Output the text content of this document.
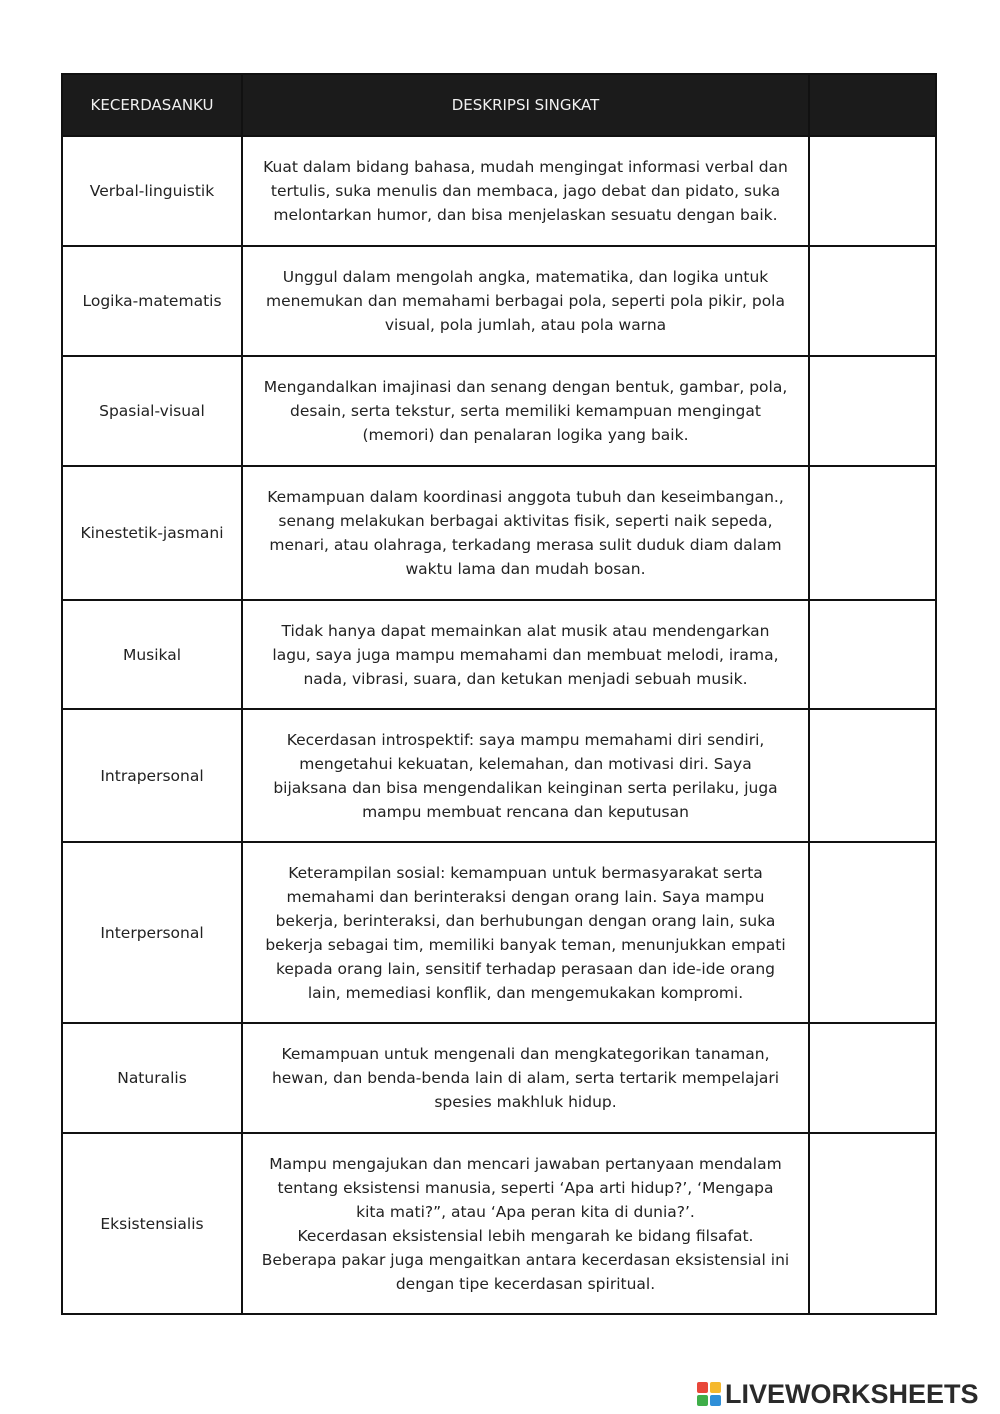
KECERDASANKU	DESKRIPSI SINGKAT	
Verbal-linguistik	Kuat dalam bidang bahasa, mudah mengingat informasi verbal dan tertulis, suka menulis dan membaca, jago debat dan pidato, suka melontarkan humor, dan bisa menjelaskan sesuatu dengan baik.	

Logika-matematis	Unggul dalam mengolah angka, matematika, dan logika untuk menemukan dan memahami berbagai pola, seperti pola pikir, pola visual, pola jumlah, atau pola warna	

Spasial-visual	Mengandalkan imajinasi dan senang dengan bentuk, gambar, pola, desain, serta tekstur, serta memiliki kemampuan mengingat (memori) dan penalaran logika yang baik.	

Kinestetik-jasmani	Kemampuan dalam koordinasi anggota tubuh dan keseimbangan., senang melakukan berbagai aktivitas fisik, seperti naik sepeda, menari, atau olahraga, terkadang merasa sulit duduk diam dalam waktu lama dan mudah bosan.	

Musikal	Tidak hanya dapat memainkan alat musik atau mendengarkan lagu, saya juga mampu memahami dan membuat melodi, irama, nada, vibrasi, suara, dan ketukan menjadi sebuah musik.	

Intrapersonal	Kecerdasan introspektif: saya mampu memahami diri sendiri, mengetahui kekuatan, kelemahan, dan motivasi diri. Saya bijaksana dan bisa mengendalikan keinginan serta perilaku, juga mampu membuat rencana dan keputusan	

Interpersonal	Keterampilan sosial: kemampuan untuk bermasyarakat serta memahami dan berinteraksi dengan orang lain. Saya mampu bekerja, berinteraksi, dan berhubungan dengan orang lain, suka bekerja sebagai tim, memiliki banyak teman, menunjukkan empati kepada orang lain, sensitif terhadap perasaan dan ide-ide orang lain, memediasi konflik, dan mengemukakan kompromi.	

Naturalis	Kemampuan untuk mengenali dan mengkategorikan tanaman, hewan, dan benda-benda lain di alam, serta tertarik mempelajari spesies makhluk hidup.	

Eksistensialis	Mampu mengajukan dan mencari jawaban pertanyaan mendalam tentang eksistensi manusia, seperti ‘Apa arti hidup?’, ‘Mengapa kita mati?”, atau ‘Apa peran kita di dunia?’.
Kecerdasan eksistensial lebih mengarah ke bidang filsafat. Beberapa pakar juga mengaitkan antara kecerdasan eksistensial ini dengan tipe kecerdasan spiritual.	

LIVEWORKSHEETS
